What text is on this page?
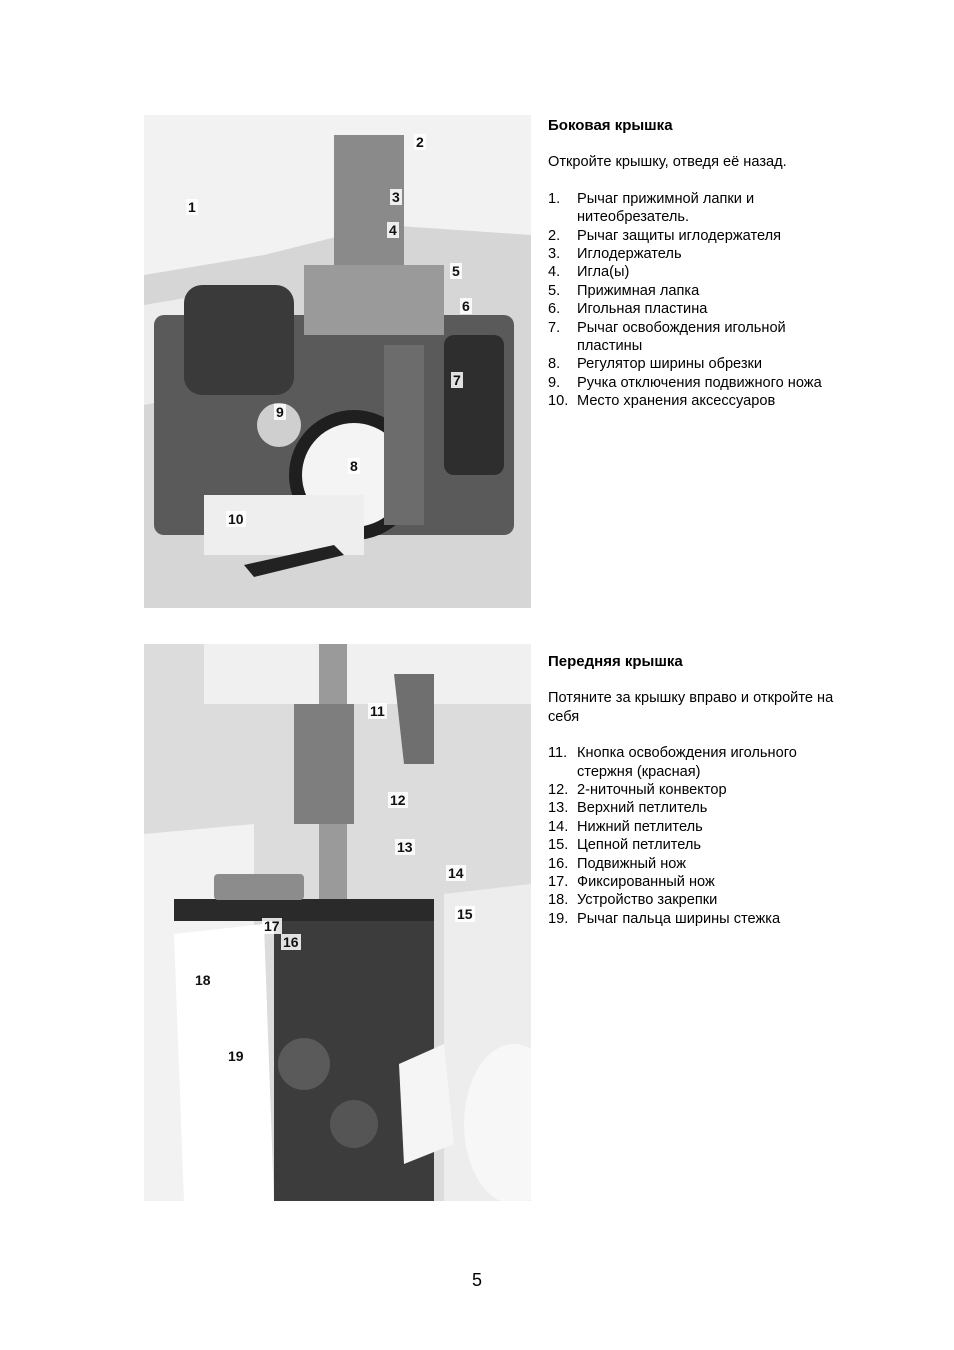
1
2
3
4
5
6
7
8
9
10
Боковая крышка
Откройте крышку, отведя её назад.
1.	Рычаг прижимной лапки и нитеобрезатель.
2.	Рычаг защиты иглодержателя
3.	Иглодержатель
4.	Игла(ы)
5.	Прижимная лапка
6.	Игольная пластина
7.	Рычаг освобождения игольной пластины
8.	Регулятор ширины обрезки
9.	Ручка отключения подвижного ножа
10. Место хранения аксессуаров
11
12
13
14
15
16
17
18
19
Передняя крышка
Потяните за крышку вправо и откройте на себя
11. Кнопка освобождения игольного стержня (красная)
12. 2-ниточный конвектор
13. Верхний петлитель
14. Нижний петлитель
15. Цепной петлитель
16. Подвижный нож
17. Фиксированный нож
18. Устройство закрепки
19. Рычаг пальца ширины стежка
5
